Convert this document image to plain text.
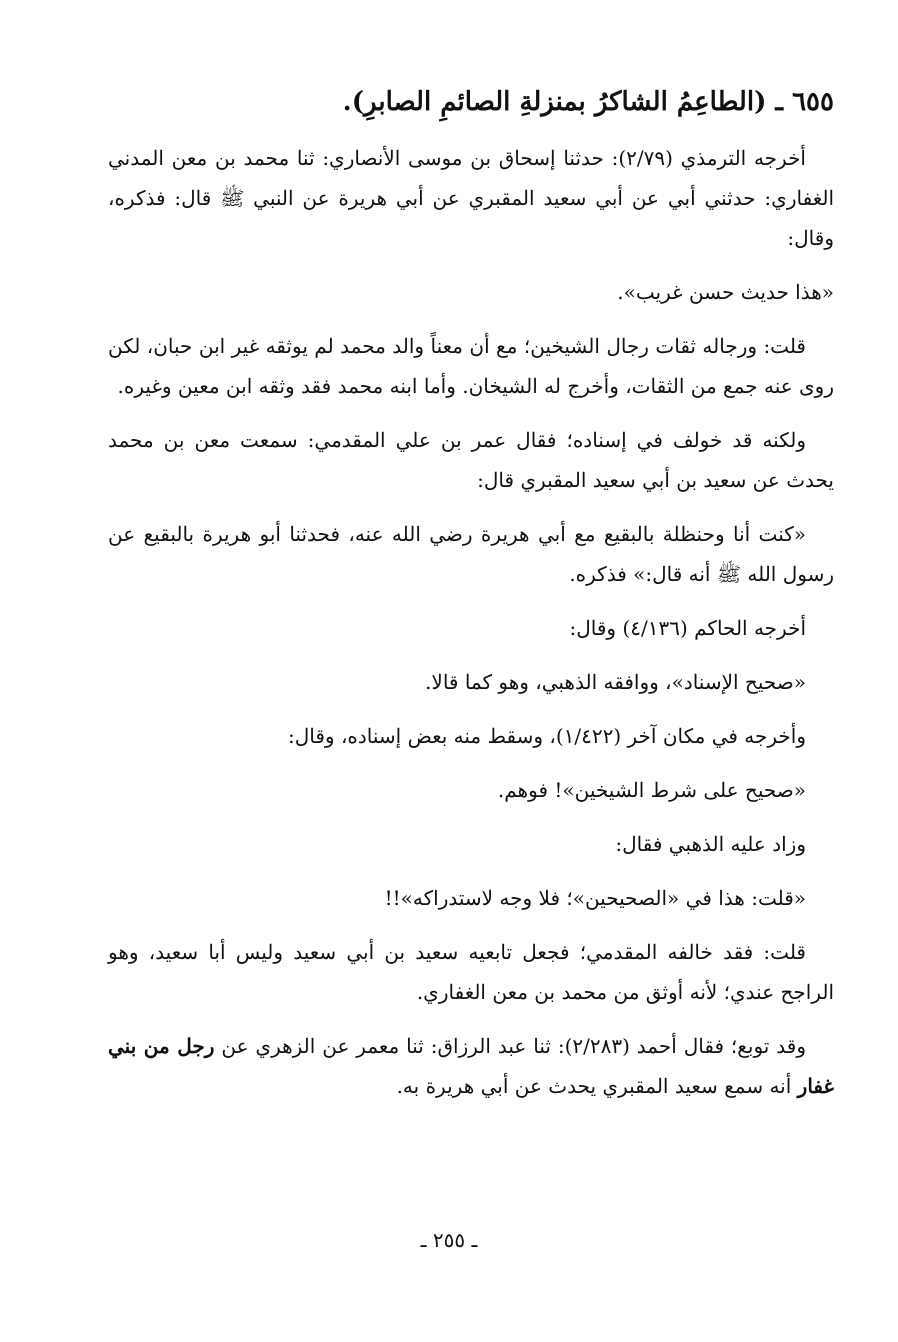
٦٥٥ ـ (الطاعِمُ الشاكرُ بمنزلةِ الصائمِ الصابرِ).

أخرجه الترمذي (٢/٧٩): حدثنا إسحاق بن موسى الأنصاري: ثنا محمد بن معن المدني الغفاري: حدثني أبي عن أبي سعيد المقبري عن أبي هريرة عن النبي ﷺ قال: فذكره، وقال:

«هذا حديث حسن غريب».

قلت: ورجاله ثقات رجال الشيخين؛ مع أن معناً والد محمد لم يوثقه غير ابن حبان، لكن روى عنه جمع من الثقات، وأخرج له الشيخان. وأما ابنه محمد فقد وثقه ابن معين وغيره.

ولكنه قد خولف في إسناده؛ فقال عمر بن علي المقدمي: سمعت معن بن محمد يحدث عن سعيد بن أبي سعيد المقبري قال:

«كنت أنا وحنظلة بالبقيع مع أبي هريرة رضي الله عنه، فحدثنا أبو هريرة بالبقيع عن رسول الله ﷺ أنه قال:» فذكره.

أخرجه الحاكم (٤/١٣٦) وقال:

«صحيح الإسناد»، ووافقه الذهبي، وهو كما قالا.

وأخرجه في مكان آخر (١/٤٢٢)، وسقط منه بعض إسناده، وقال:

«صحيح على شرط الشيخين»! فوهم.

وزاد عليه الذهبي فقال:

«قلت: هذا في «الصحيحين»؛ فلا وجه لاستدراكه»!!

قلت: فقد خالفه المقدمي؛ فجعل تابعيه سعيد بن أبي سعيد وليس أبا سعيد، وهو الراجح عندي؛ لأنه أوثق من محمد بن معن الغفاري.

وقد توبع؛ فقال أحمد (٢/٢٨٣): ثنا عبد الرزاق: ثنا معمر عن الزهري عن رجل من بني غفار أنه سمع سعيد المقبري يحدث عن أبي هريرة به.

ـ ٢٥٥ ـ
